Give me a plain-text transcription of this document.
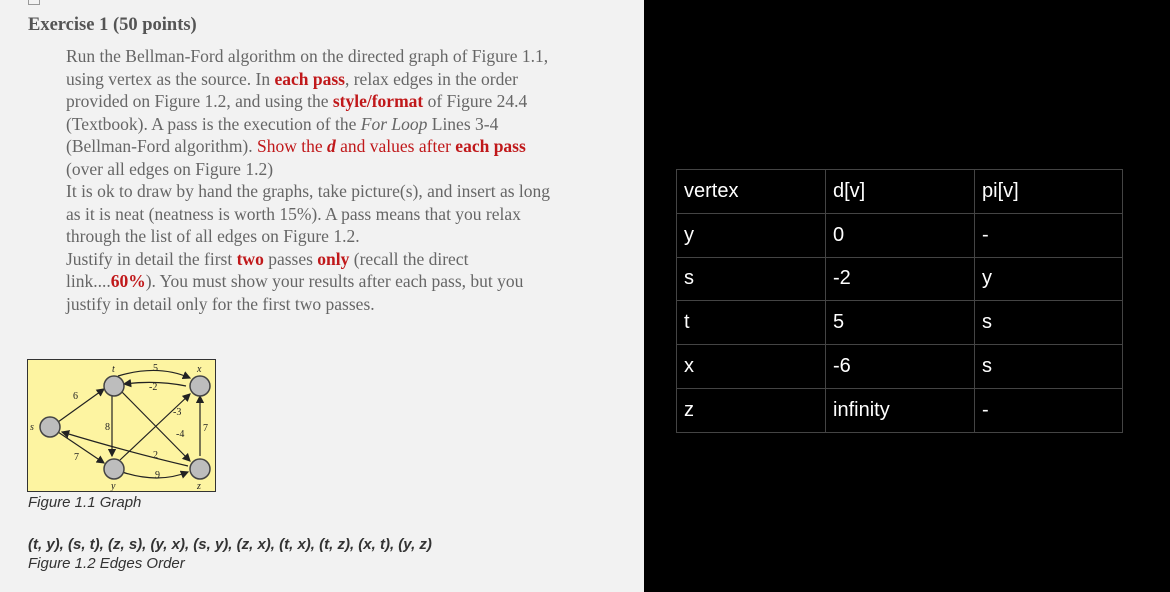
Exercise 1 (50 points)
Run the Bellman-Ford algorithm on the directed graph of Figure 1.1,
using vertex as the source. In each pass, relax edges in the order
provided on Figure 1.2, and using the style/format of Figure 24.4
(Textbook). A pass is the execution of the For Loop Lines 3-4
(Bellman-Ford algorithm). Show the d and values after each pass
(over all edges on Figure 1.2)
It is ok to draw by hand the graphs, take picture(s), and insert as long
as it is neat (neatness is worth 15%). A pass means that you relax
through the list of all edges on Figure 1.2.
Justify in detail the first two passes only (recall the direct
link....60%). You must show your results after each pass, but you
justify in detail only for the first two passes.
s
t	x
y	z
5
-2
6
8
-3
-4
7
2
9
7
Figure 1.1 Graph
(t, y), (s, t), (z, s), (y, x), (s, y), (z, x), (t, x), (t, z), (x, t), (y, z)
Figure 1.2 Edges Order
vertex	d[v]	pi[v]
y	0	-
s	-2	y
t	5	s
x	-6	s
z	infinity	-
